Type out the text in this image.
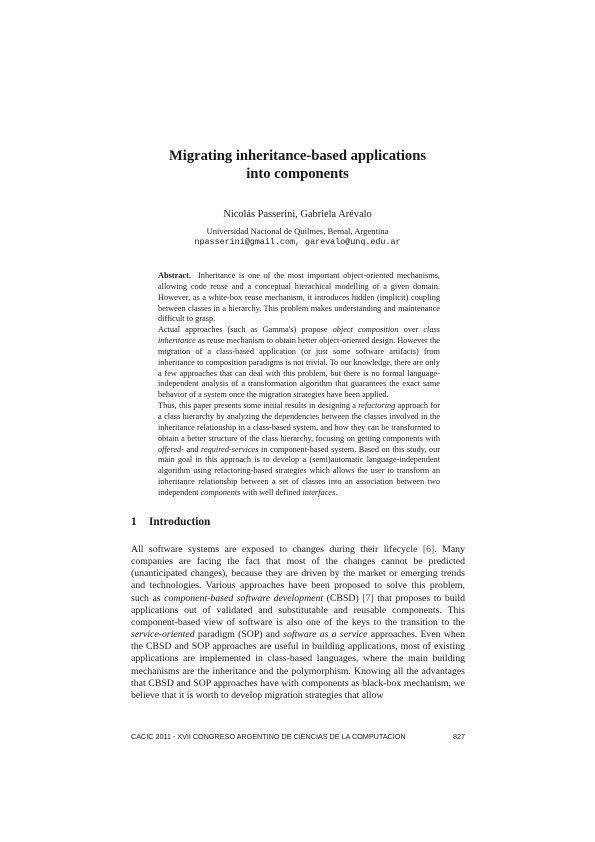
Migrating inheritance-based applications
into components
Nicolás Passerini, Gabriela Arévalo
Universidad Nacional de Quilmes, Bernal, Argentina
npasserini@gmail.com, garevalo@unq.edu.ar

Abstract. Inheritance is one of the most important object-oriented mechanisms, allowing code reuse and a conceptual hierachical modelling of a given domain. However, as a white-box reuse mechanism, it introduces hidden (implicit) coupling between classes in a hierarchy. This problem makes understanding and maintenance difficult to grasp.

Actual approaches (such as Gamma's) propose object composition over class inheritance as reuse mechanism to obtain better object-oriented design. However the migration of a class-based application (or just some software artifacts) from inheritance to composition paradigms is not trivial. To our knowledge, there are only a few approaches that can deal with this problem, but there is no formal language-independent analysis of a transformation algorithm that guarantees the exact same behavior of a system once the migration strategies have been applied.

Thus, this paper presents some initial results in designing a refactoring approach for a class hierarchy by analyzing the dependencies between the classes involved in the inheritance relationship in a class-based system, and how they can be transformed to obtain a better structure of the class hierarchy, focusing on getting components with offered- and required-services in component-based system. Based on this study, our main goal in this approach is to develop a (semi)automatic language-independent algorithm using refactoring-based strategies which allows the user to transform an inheritance relationship between a set of classes into an association between two independent components with well defined interfaces.

1 Introduction

All software systems are exposed to changes during their lifecycle [6]. Many companies are facing the fact that most of the changes cannot be predicted (unanticipated changes), because they are driven by the market or emerging trends and technologies. Various approaches have been proposed to solve this problem, such as component-based software development (CBSD) [7] that proposes to build applications out of validated and substitutable and reusable components. This component-based view of software is also one of the keys to the transition to the service-oriented paradigm (SOP) and software as a service approaches. Even when the CBSD and SOP approaches are useful in building applications, most of existing applications are implemented in class-based languages, where the main building mechanisms are the inheritance and the polymorphism. Knowing all the advantages that CBSD and SOP approaches have with components as black-box mechanism, we believe that it is worth to develop migration strategies that allow

CACIC 2011 - XVII CONGRESO ARGENTINO DE CIENCIAS DE LA COMPUTACION	827
